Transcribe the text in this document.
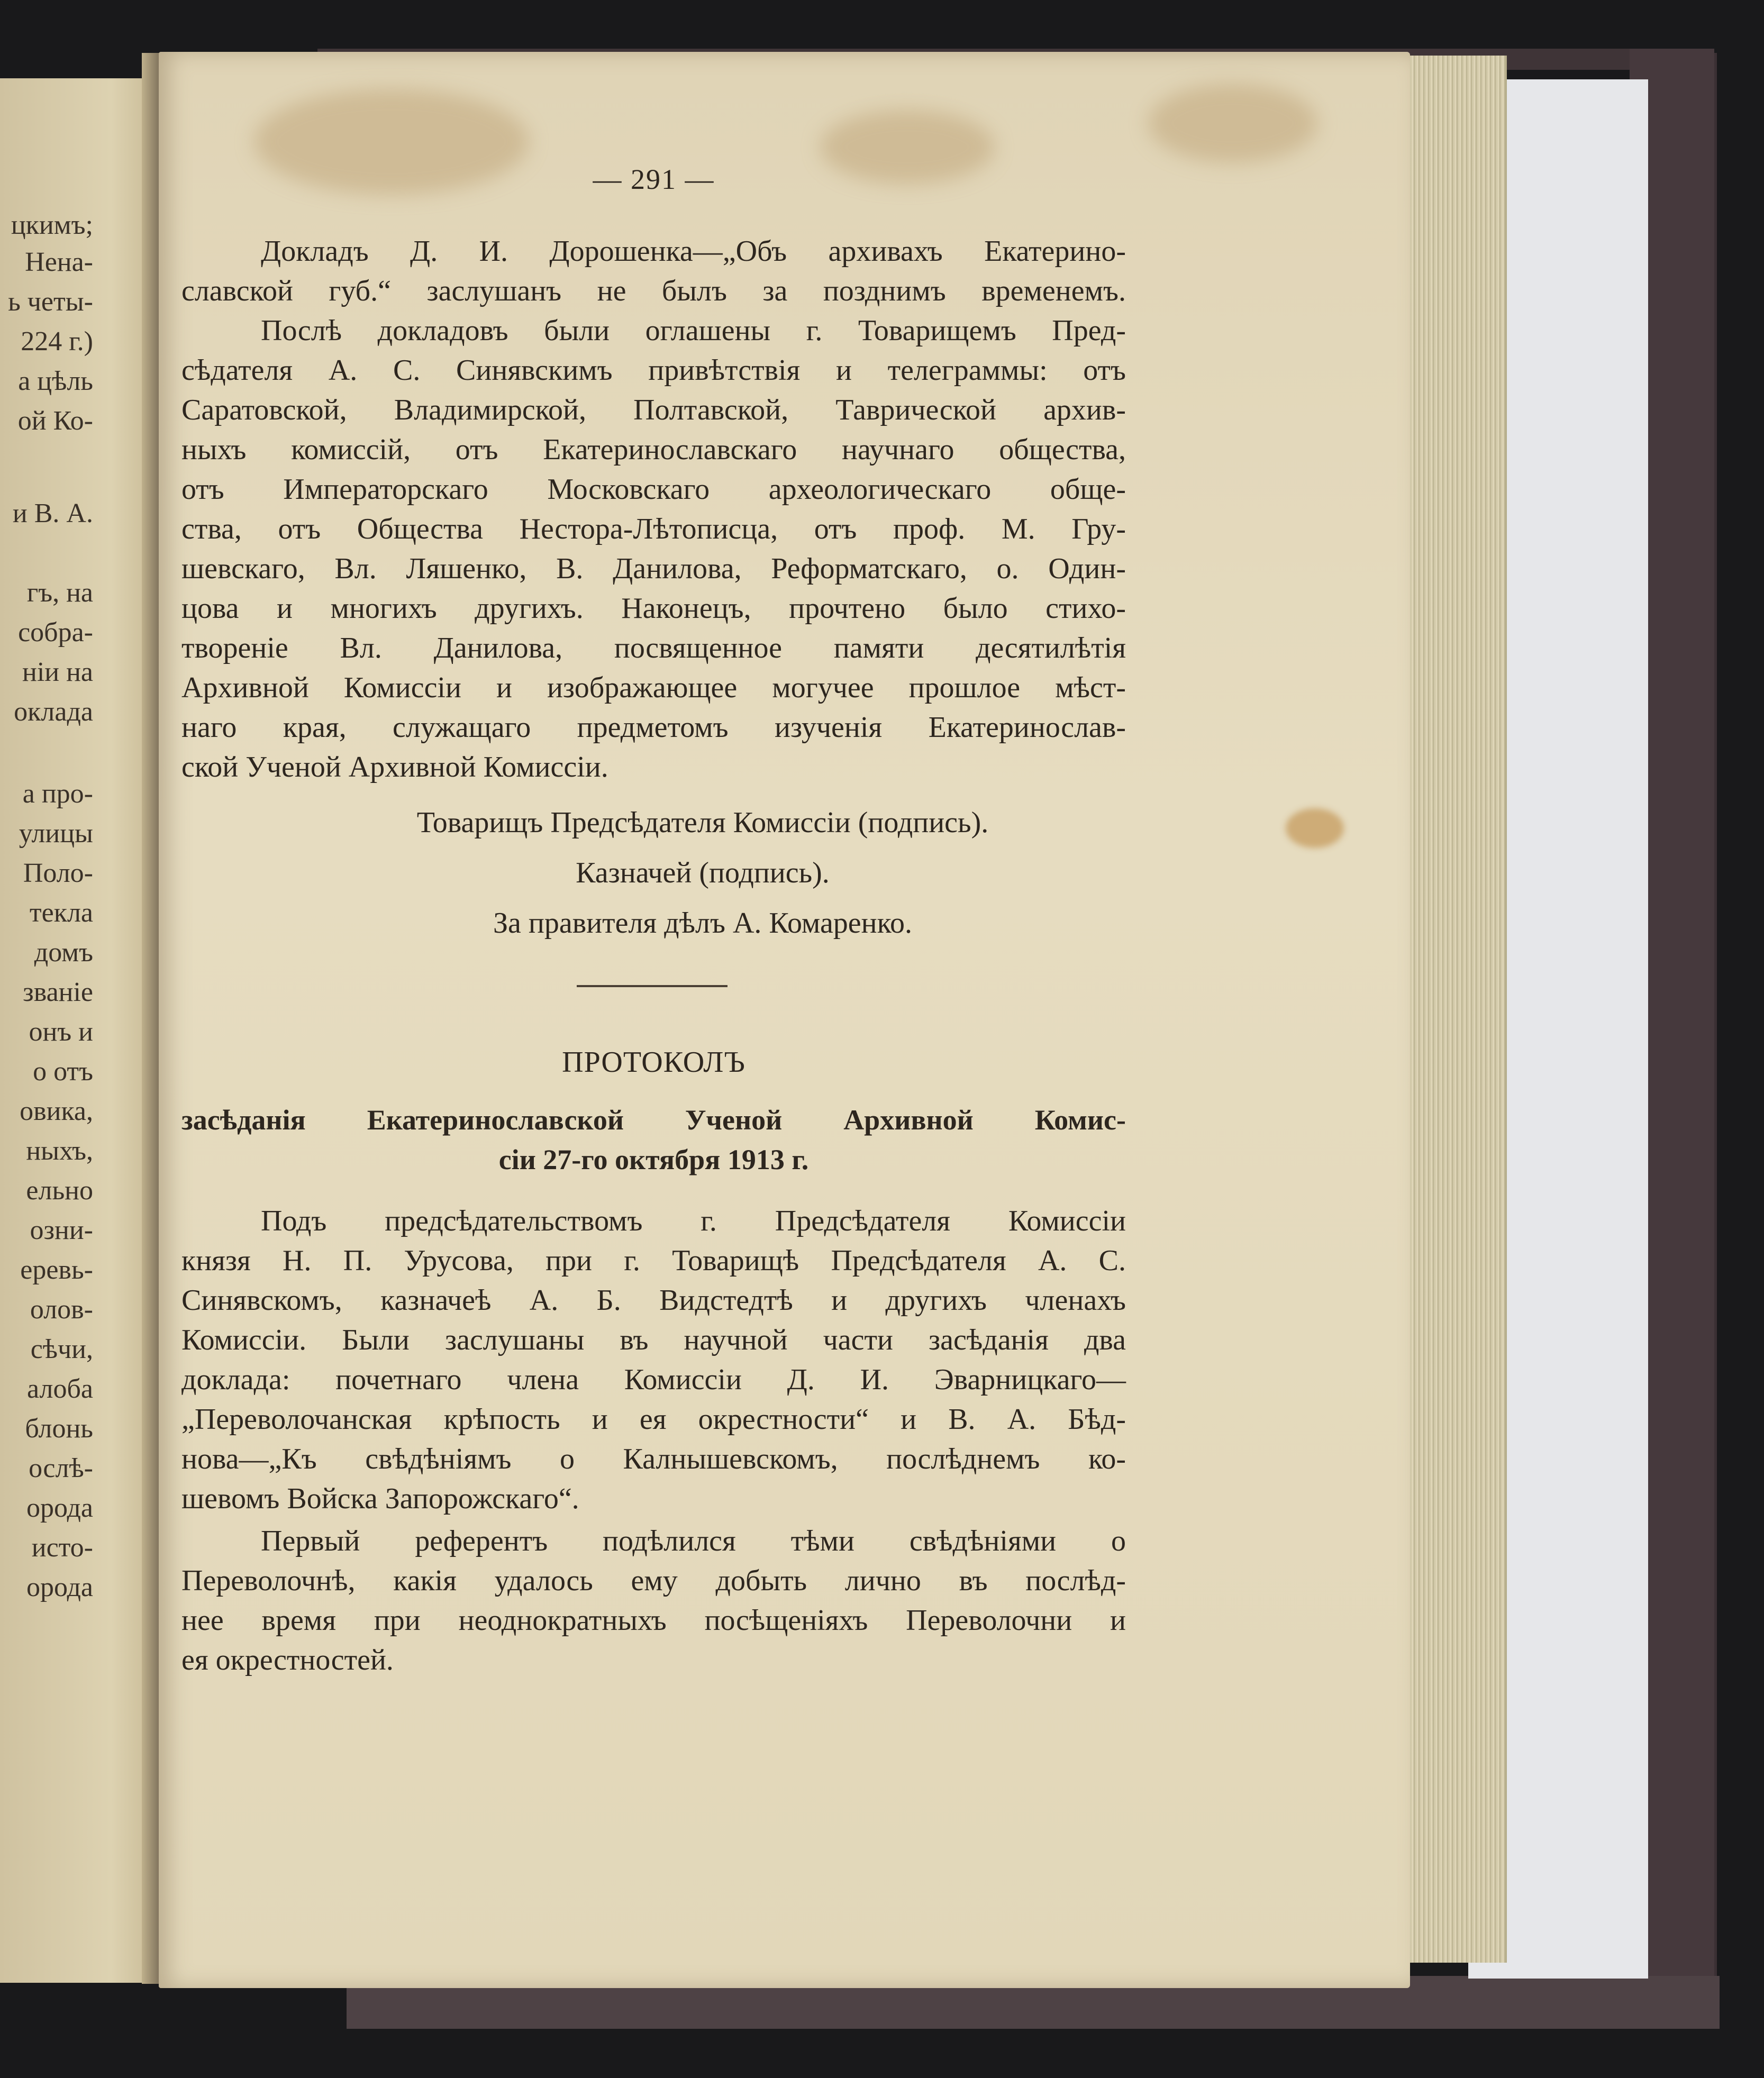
цкимъ;
Нена-
ь четы-
224 г.)
а цѣль
ой Ко-
и В. А.
гъ, на
собра-
ніи на
оклада
а про-
улицы
Поло-
текла
домъ
званіе
онъ и
о отъ
овика,
ныхъ,
ельно
озни-
еревь-
олов-
сѣчи,
алоба
блонь
ослѣ-
орода
исто-
орода
— 291 —
Докладъ Д. И. Дорошенка—„Объ архивахъ Екатерино-
славской губ.“ заслушанъ не былъ за позднимъ временемъ.
Послѣ докладовъ были оглашены г. Товарищемъ Пред-
сѣдателя А. С. Синявскимъ привѣтствія и телеграммы: отъ
Саратовской, Владимирской, Полтавской, Таврической архив-
ныхъ комиссій, отъ Екатеринославскаго научнаго общества,
отъ Императорскаго Московскаго археологическаго обще-
ства, отъ Общества Нестора-Лѣтописца, отъ проф. М. Гру-
шевскаго, Вл. Ляшенко, В. Данилова, Реформатскаго, о. Один-
цова и многихъ другихъ. Наконецъ, прочтено было стихо-
твореніе Вл. Данилова, посвященное памяти десятилѣтія
Архивной Комиссіи и изображающее могучее прошлое мѣст-
наго края, служащаго предметомъ изученія Екатеринослав-
ской Ученой Архивной Комиссіи.
Товарищъ Предсѣдателя Комиссіи (подпись).
Казначей (подпись).
За правителя дѣлъ А. Комаренко.
ПРОТОКОЛЪ
засѣданія Екатеринославской Ученой Архивной Комис-
сіи 27-го октября 1913 г.
Подъ предсѣдательствомъ г. Предсѣдателя Комиссіи
князя Н. П. Урусова, при г. Товарищѣ Предсѣдателя А. С.
Синявскомъ, казначеѣ А. Б. Видстедтѣ и другихъ членахъ
Комиссіи. Были заслушаны въ научной части засѣданія два
доклада: почетнаго члена Комиссіи Д. И. Эварницкаго—
„Переволочанская крѣпость и ея окрестности“ и В. А. Бѣд-
нова—„Къ свѣдѣніямъ о Калнышевскомъ, послѣднемъ ко-
шевомъ Войска Запорожскаго“.
Первый референтъ подѣлился тѣми свѣдѣніями о
Переволочнѣ, какія удалось ему добыть лично въ послѣд-
нее время при неоднократныхъ посѣщеніяхъ Переволочни и
ея окрестностей.
